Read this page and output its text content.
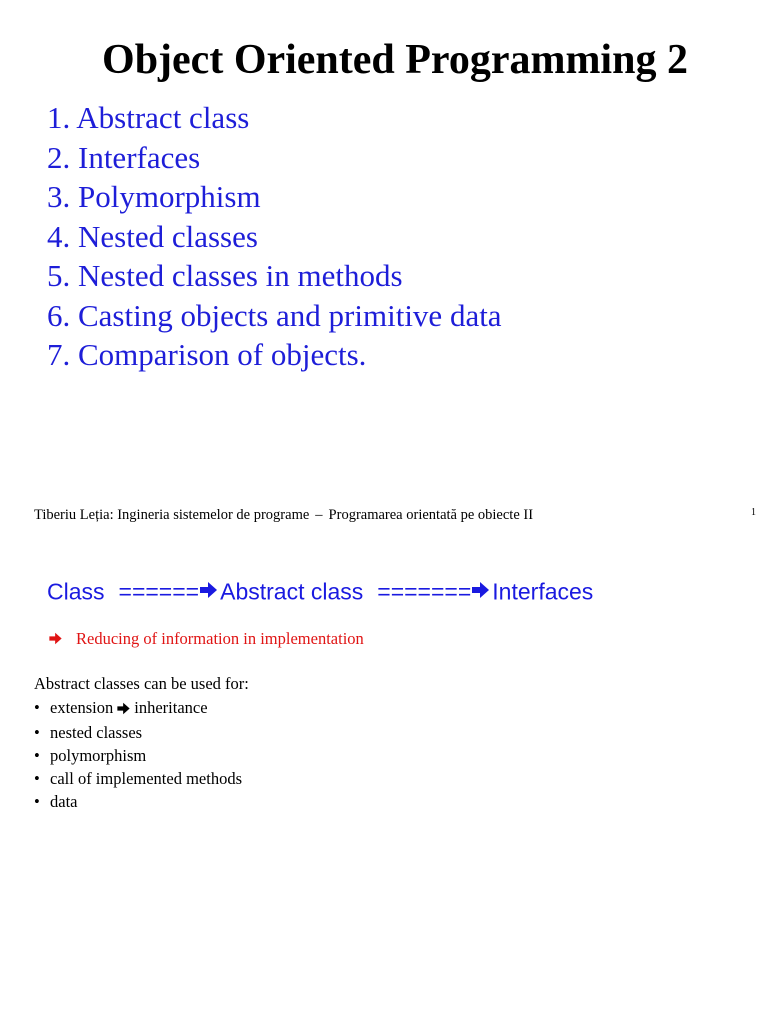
Object Oriented Programming 2
1. Abstract class
2. Interfaces
3. Polymorphism
4. Nested classes
5. Nested classes in methods
6. Casting objects and primitive data
7. Comparison of objects.
Tiberiu Leția: Ingineria sistemelor de programe – Programarea orientată pe obiecte II	1
Class ====== Abstract class ======= Interfaces
Reducing of information in implementation
Abstract classes can be used for:
• extension inheritance
• nested classes
• polymorphism
• call of implemented methods
• data
